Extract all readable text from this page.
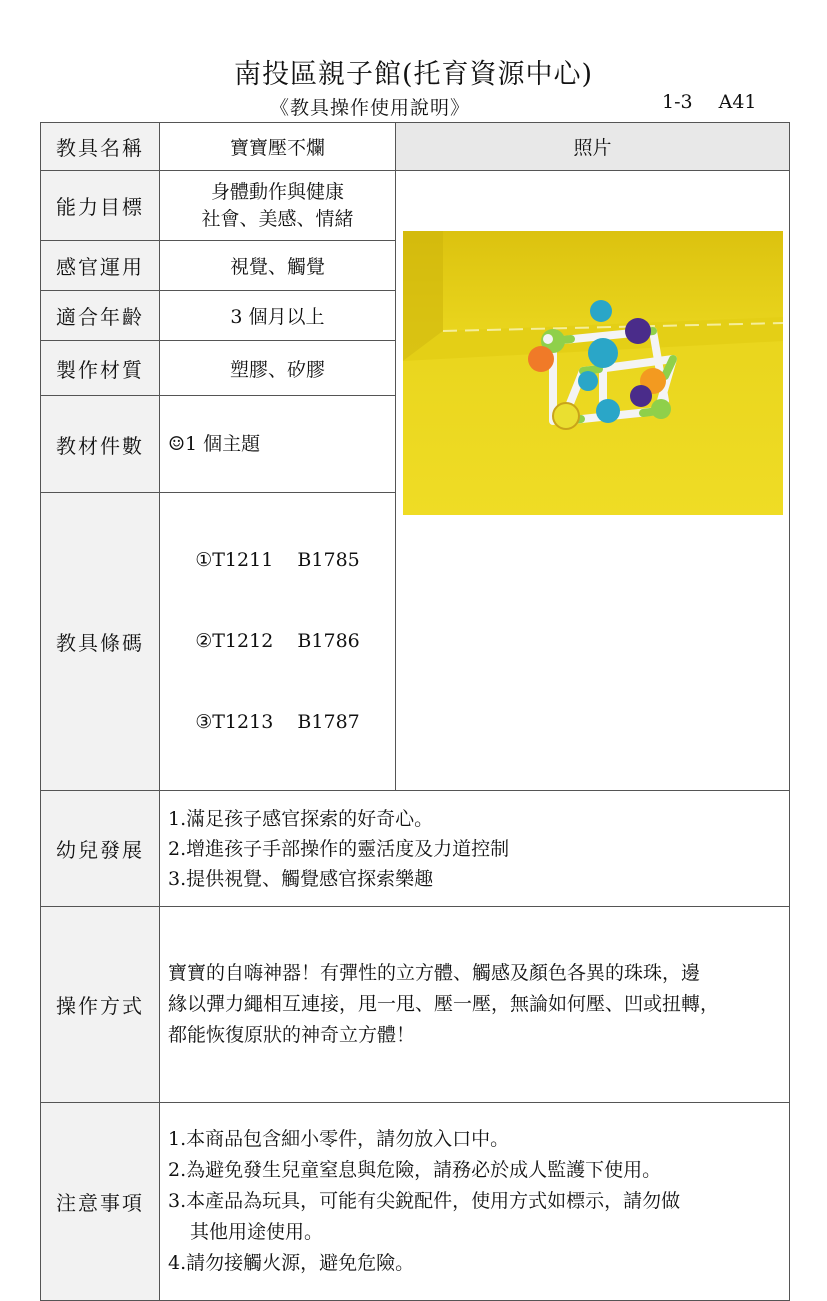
南投區親子館(托育資源中心)
《教具操作使用說明》	1-3 A41
教具名稱	寶寶壓不爛	照片
能力目標	身體動作與健康
社會、美感、情緒

感官運用	視覺、觸覺	
適合年齡	3 個月以上	
製作材質	塑膠、矽膠	
教材件數	☺1 個主題	
教具條碼	①T1211    B1785

②T1212    B1786

③T1213    B1787	

幼兒發展	1.滿足孩子感官探索的好奇心。
2.增進孩子手部操作的靈活度及力道控制
3.提供視覺、觸覺感官探索樂趣	

操作方式	寶寶的自嗨神器！有彈性的立方體、觸感及顏色各異的珠珠，邊
緣以彈力繩相互連接，甩一甩、壓一壓，無論如何壓、凹或扭轉，
都能恢復原狀的神奇立方體！	

注意事項	1.本商品包含細小零件，請勿放入口中。
2.為避免發生兒童窒息與危險，請務必於成人監護下使用。
3.本產品為玩具，可能有尖銳配件，使用方式如標示，請勿做
其他用途使用。
4.請勿接觸火源，避免危險。	
